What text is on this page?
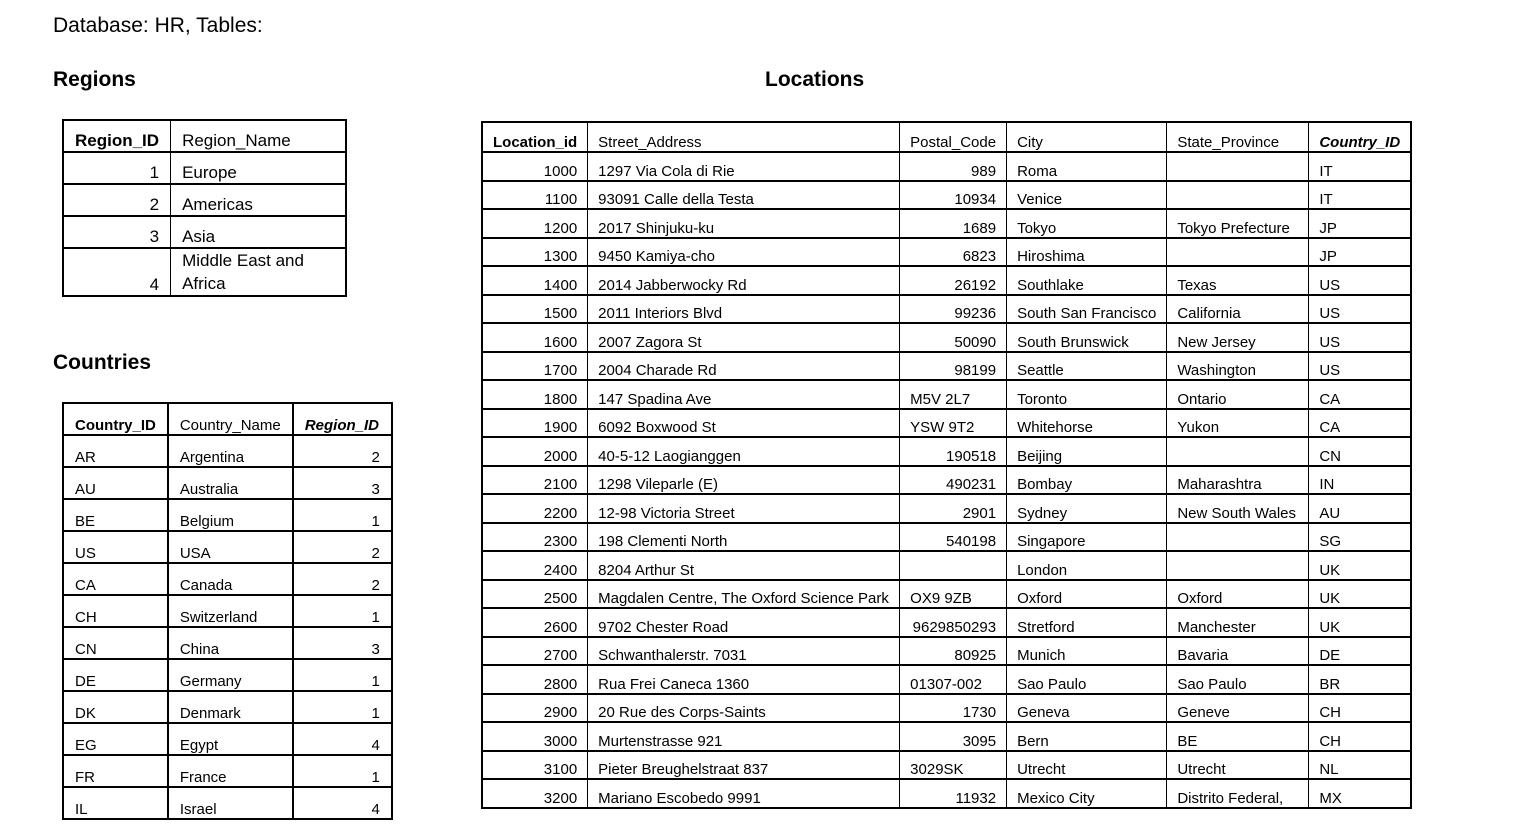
Database: HR, Tables:
Regions
Countries
Locations
Region_ID	Region_Name
1	Europe
2	Americas
3	Asia
4	Middle East and Africa
Country_ID	Country_Name	Region_ID
AR	Argentina	2
AU	Australia	3
BE	Belgium	1
US	USA	2
CA	Canada	2
CH	Switzerland	1
CN	China	3
DE	Germany	1
DK	Denmark	1
EG	Egypt	4
FR	France	1
IL	Israel	4
Location_id	Street_Address	Postal_Code	City	State_Province	Country_ID
1000	1297 Via Cola di Rie	989	Roma		IT
1100	93091 Calle della Testa	10934	Venice		IT
1200	2017 Shinjuku-ku	1689	Tokyo	Tokyo Prefecture	JP
1300	9450 Kamiya-cho	6823	Hiroshima		JP
1400	2014 Jabberwocky Rd	26192	Southlake	Texas	US
1500	2011 Interiors Blvd	99236	South San Francisco	California	US
1600	2007 Zagora St	50090	South Brunswick	New Jersey	US
1700	2004 Charade Rd	98199	Seattle	Washington	US
1800	147 Spadina Ave	M5V 2L7	Toronto	Ontario	CA
1900	6092 Boxwood St	YSW 9T2	Whitehorse	Yukon	CA
2000	40-5-12 Laogianggen	190518	Beijing		CN
2100	1298 Vileparle (E)	490231	Bombay	Maharashtra	IN
2200	12-98 Victoria Street	2901	Sydney	New South Wales	AU
2300	198 Clementi North	540198	Singapore		SG
2400	8204 Arthur St		London		UK
2500	Magdalen Centre, The Oxford Science Park	OX9 9ZB	Oxford	Oxford	UK
2600	9702 Chester Road	9629850293	Stretford	Manchester	UK
2700	Schwanthalerstr. 7031	80925	Munich	Bavaria	DE
2800	Rua Frei Caneca 1360	01307-002	Sao Paulo	Sao Paulo	BR
2900	20 Rue des Corps-Saints	1730	Geneva	Geneve	CH
3000	Murtenstrasse 921	3095	Bern	BE	CH
3100	Pieter Breughelstraat 837	3029SK	Utrecht	Utrecht	NL
3200	Mariano Escobedo 9991	11932	Mexico City	Distrito Federal,	MX
